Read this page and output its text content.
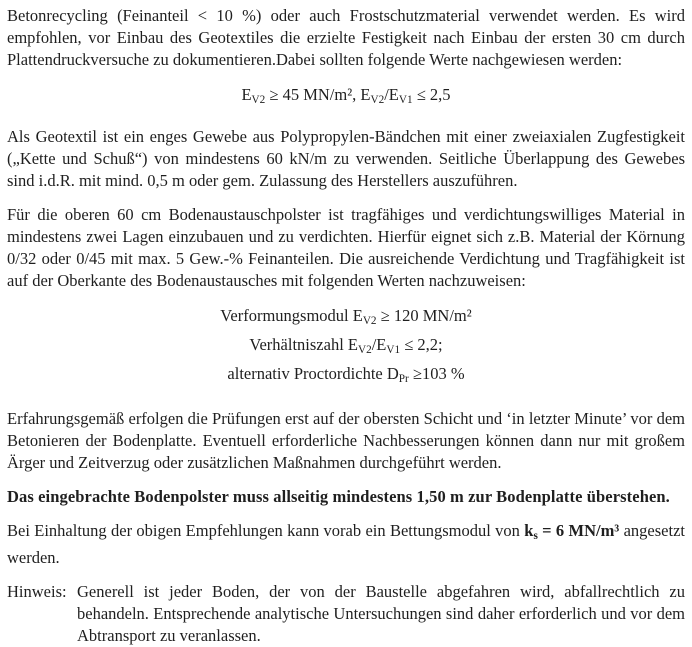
Betonrecycling (Feinanteil < 10 %) oder auch Frostschutzmaterial verwendet werden. Es wird empfohlen, vor Einbau des Geotextiles die erzielte Festigkeit nach Einbau der ersten 30 cm durch Plattendruckversuche zu dokumentieren.Dabei sollten folgende Werte nachgewiesen werden:

EV2 ≥ 45 MN/m², EV2/EV1 ≤ 2,5

Als Geotextil ist ein enges Gewebe aus Polypropylen-Bändchen mit einer zweiaxialen Zugfestigkeit („Kette und Schuß“) von mindestens 60 kN/m zu verwenden. Seitliche Überlappung des Gewebes sind i.d.R. mit mind. 0,5 m oder gem. Zulassung des Herstellers auszuführen.

Für die oberen 60 cm Bodenaustauschpolster ist tragfähiges und verdichtungswilliges Material in mindestens zwei Lagen einzubauen und zu verdichten. Hierfür eignet sich z.B. Material der Körnung 0/32 oder 0/45 mit max. 5 Gew.-% Feinanteilen. Die ausreichende Verdichtung und Tragfähigkeit ist auf der Oberkante des Bodenaustausches mit folgenden Werten nachzuweisen:

Verformungsmodul EV2 ≥ 120 MN/m²
Verhältniszahl EV2/EV1 ≤ 2,2;
alternativ Proctordichte DPr ≥103 %

Erfahrungsgemäß erfolgen die Prüfungen erst auf der obersten Schicht und ‘in letzter Minute’ vor dem Betonieren der Bodenplatte. Eventuell erforderliche Nachbesserungen können dann nur mit großem Ärger und Zeitverzug oder zusätzlichen Maßnahmen durchgeführt werden.

Das eingebrachte Bodenpolster muss allseitig mindestens 1,50 m zur Bodenplatte überstehen.

Bei Einhaltung der obigen Empfehlungen kann vorab ein Bettungsmodul von ks = 6 MN/m³ angesetzt werden.

Hinweis: Generell ist jeder Boden, der von der Baustelle abgefahren wird, abfallrechtlich zu behandeln. Entsprechende analytische Untersuchungen sind daher erforderlich und vor dem Abtransport zu veranlassen.
